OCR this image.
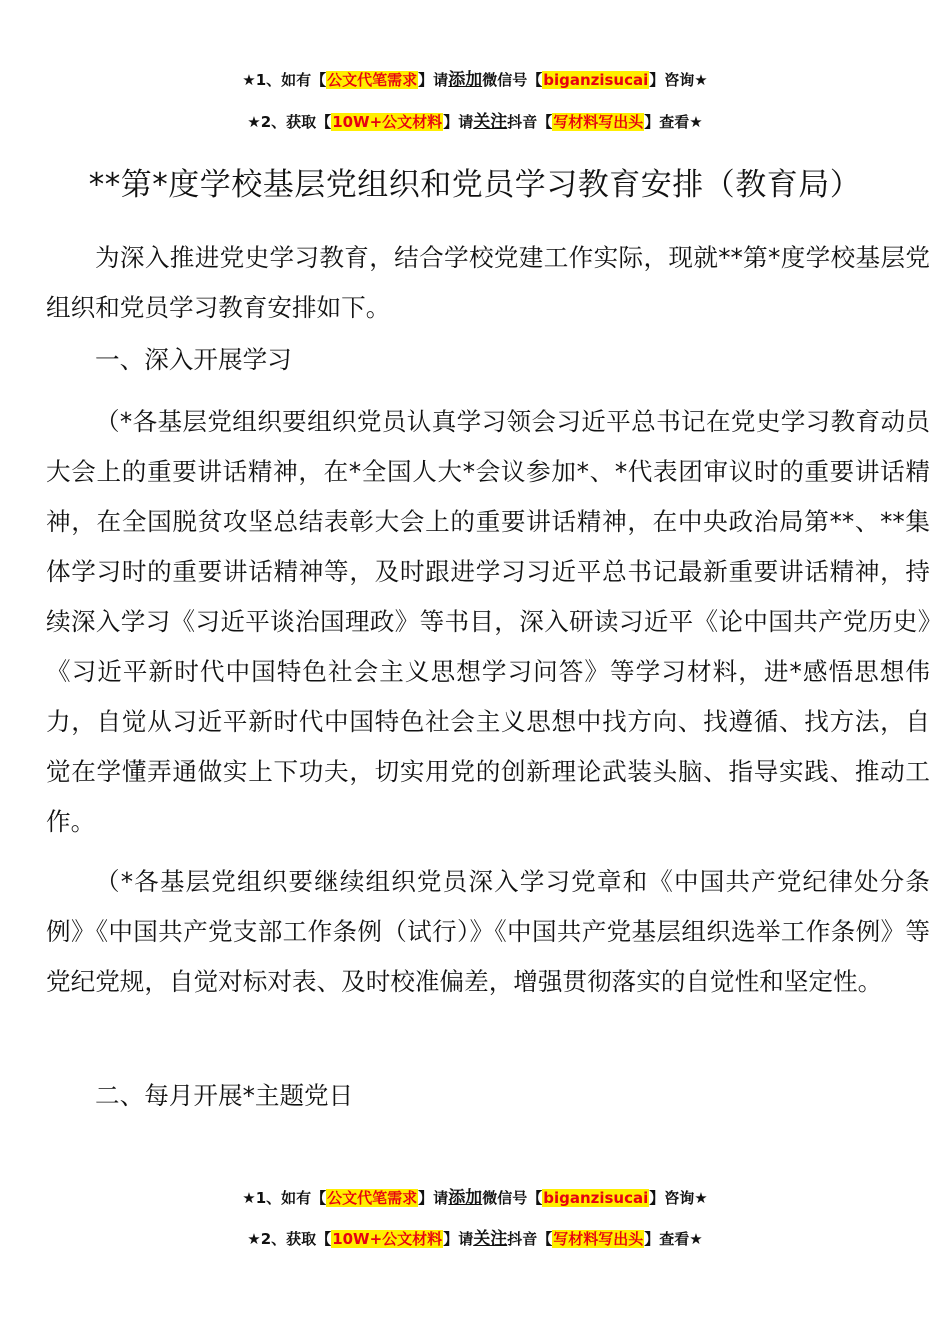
★1、如有【公文代笔需求】请添加微信号【biganzisucai】咨询★
★2、获取【10W+公文材料】请关注抖音【写材料写出头】查看★
**第*度学校基层党组织和党员学习教育安排（教育局）

为深入推进党史学习教育，结合学校党建工作实际，现就**第*度学校基层党组织和党员学习教育安排如下。

一、深入开展学习

（*各基层党组织要组织党员认真学习领会习近平总书记在党史学习教育动员大会上的重要讲话精神，在*全国人大*会议参加*、*代表团审议时的重要讲话精神，在全国脱贫攻坚总结表彰大会上的重要讲话精神，在中央政治局第**、**集体学习时的重要讲话精神等，及时跟进学习习近平总书记最新重要讲话精神，持续深入学习《习近平谈治国理政》等书目，深入研读习近平《论中国共产党历史》《习近平新时代中国特色社会主义思想学习问答》等学习材料，进*感悟思想伟力，自觉从习近平新时代中国特色社会主义思想中找方向、找遵循、找方法，自觉在学懂弄通做实上下功夫，切实用党的创新理论武装头脑、指导实践、推动工作。

（*各基层党组织要继续组织党员深入学习党章和《中国共产党纪律处分条例》《中国共产党支部工作条例（试行）》《中国共产党基层组织选举工作条例》等党纪党规，自觉对标对表、及时校准偏差，增强贯彻落实的自觉性和坚定性。

二、每月开展*主题党日

★1、如有【公文代笔需求】请添加微信号【biganzisucai】咨询★
★2、获取【10W+公文材料】请关注抖音【写材料写出头】查看★
